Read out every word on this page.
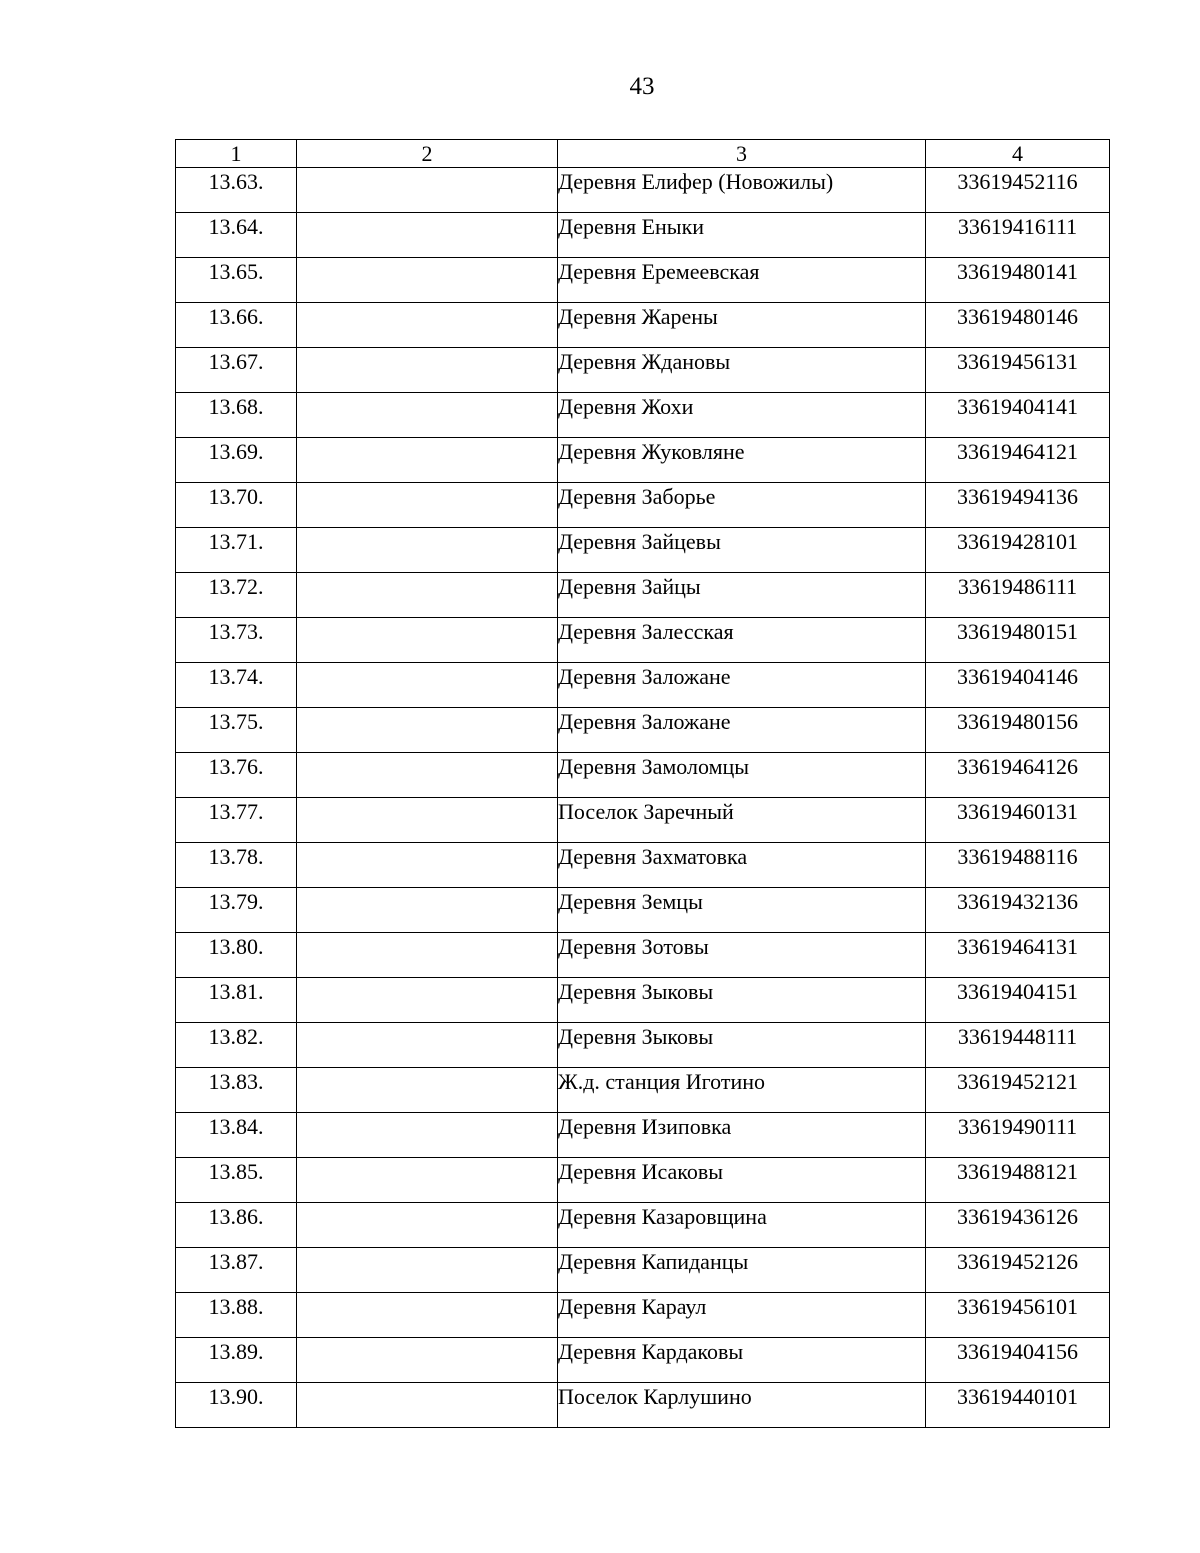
43
1	2	3	4
13.63.		Деревня Елифер (Новожилы)	33619452116
13.64.		Деревня Еныки	33619416111
13.65.		Деревня Еремеевская	33619480141
13.66.		Деревня Жарены	33619480146
13.67.		Деревня Ждановы	33619456131
13.68.		Деревня Жохи	33619404141
13.69.		Деревня Жуковляне	33619464121
13.70.		Деревня Заборье	33619494136
13.71.		Деревня Зайцевы	33619428101
13.72.		Деревня Зайцы	33619486111
13.73.		Деревня Залесская	33619480151
13.74.		Деревня Заложане	33619404146
13.75.		Деревня Заложане	33619480156
13.76.		Деревня Замоломцы	33619464126
13.77.		Поселок Заречный	33619460131
13.78.		Деревня Захматовка	33619488116
13.79.		Деревня Земцы	33619432136
13.80.		Деревня Зотовы	33619464131
13.81.		Деревня Зыковы	33619404151
13.82.		Деревня Зыковы	33619448111
13.83.		Ж.д. станция Иготино	33619452121
13.84.		Деревня Изиповка	33619490111
13.85.		Деревня Исаковы	33619488121
13.86.		Деревня Казаровщина	33619436126
13.87.		Деревня Капиданцы	33619452126
13.88.		Деревня Караул	33619456101
13.89.		Деревня Кардаковы	33619404156
13.90.		Поселок Карлушино	33619440101
